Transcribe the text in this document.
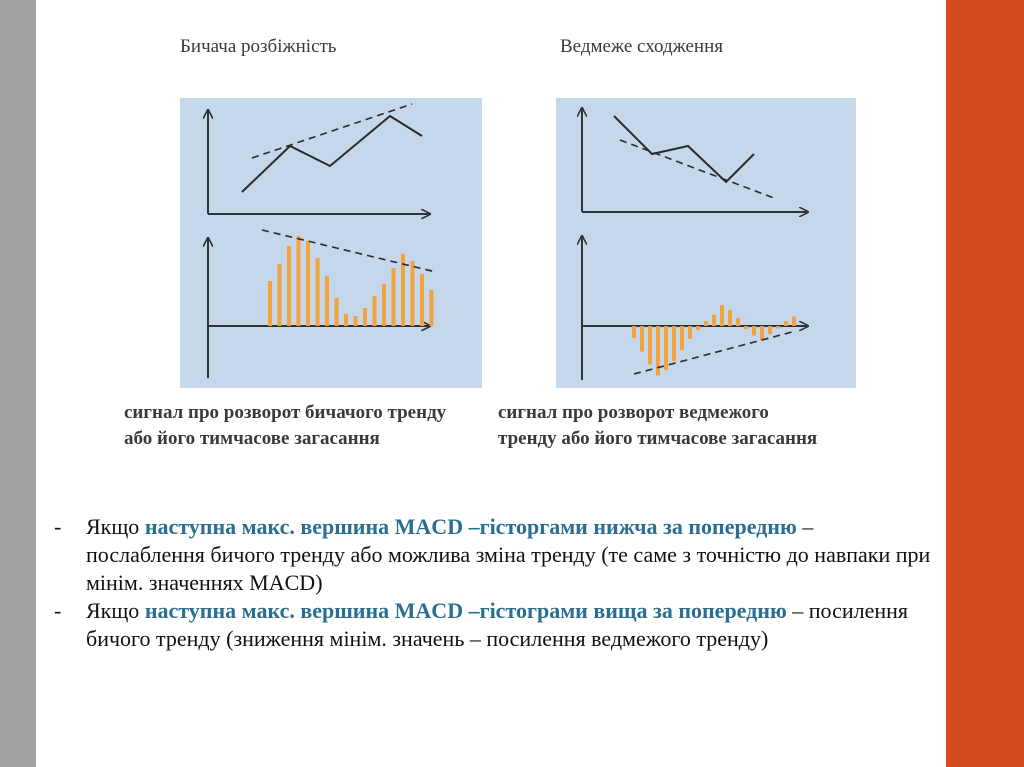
Бичача розбіжність	Ведмеже сходження
сигнал про розворот бичачого тренду
або його тимчасове загасання
сигнал про розворот ведмежого
тренду або його тимчасове загасання
- Якщо наступна макс. вершина MACD –гісторгами нижча за попередню – послаблення бичого тренду або можлива зміна тренду (те саме з точністю до навпаки при мінім. значеннях MACD)
- Якщо наступна макс. вершина MACD –гістограми вища за попередню – посилення бичого тренду (зниження мінім. значень – посилення ведмежого тренду)
